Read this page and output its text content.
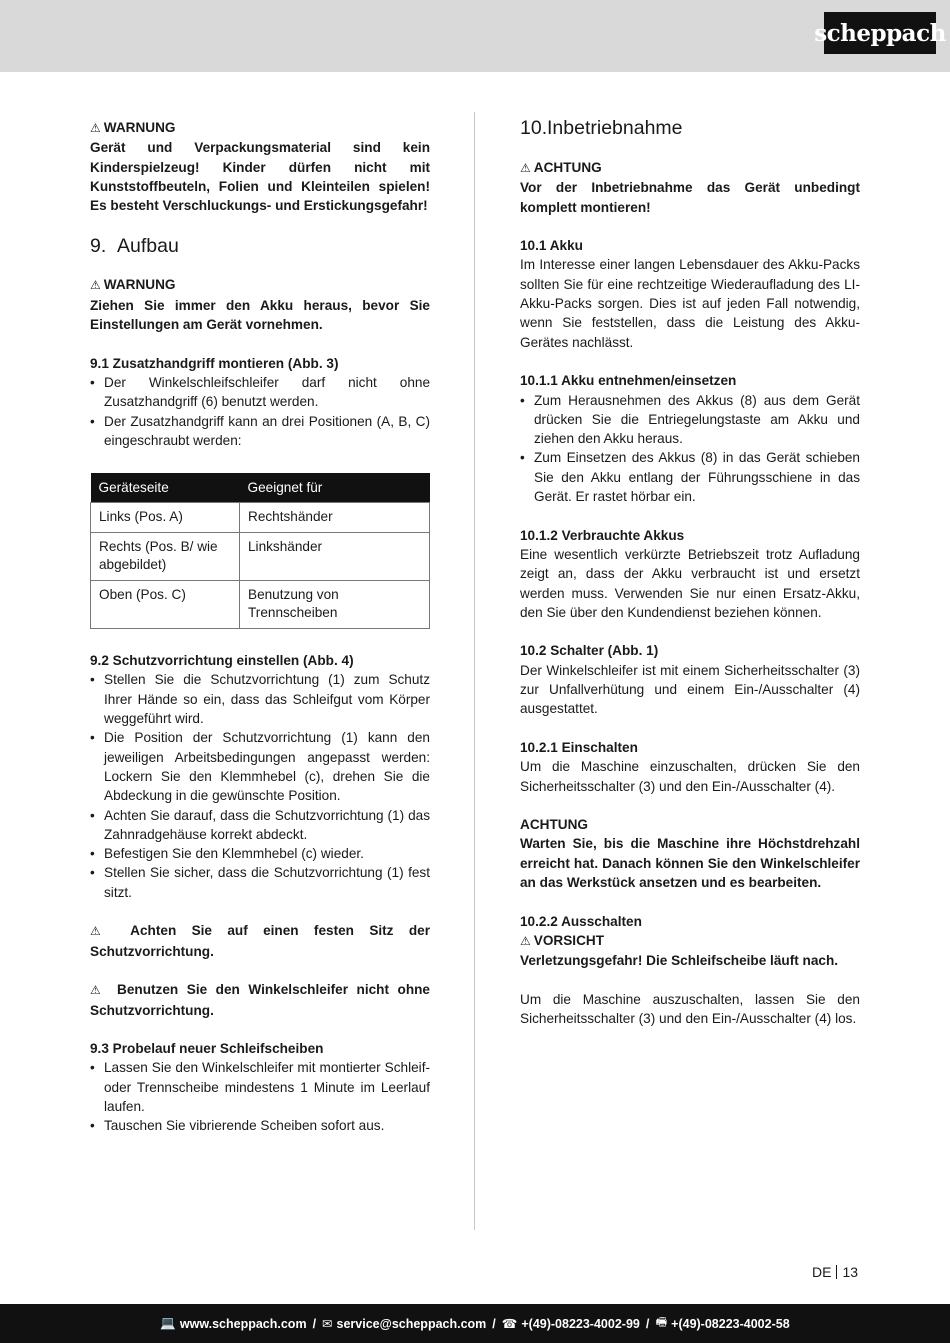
scheppach

⚠ WARNUNG

Gerät und Verpackungsmaterial sind kein Kinderspielzeug! Kinder dürfen nicht mit Kunststoffbeuteln, Folien und Kleinteilen spielen! Es besteht Verschluckungs- und Erstickungsgefahr!

9. Aufbau

⚠ WARNUNG

Ziehen Sie immer den Akku heraus, bevor Sie Einstellungen am Gerät vornehmen.

9.1 Zusatzhandgriff montieren (Abb. 3)

• Der Winkelschleifschleifer darf nicht ohne Zusatzhandgriff (6) benutzt werden.
• Der Zusatzhandgriff kann an drei Positionen (A, B, C) eingeschraubt werden:
Geräteseite	Geeignet für
Links (Pos. A)	Rechtshänder
Rechts (Pos. B/ wie abgebildet)	Linkshänder
Oben (Pos. C)	Benutzung von Trennscheiben

9.2 Schutzvorrichtung einstellen (Abb. 4)

• Stellen Sie die Schutzvorrichtung (1) zum Schutz Ihrer Hände so ein, dass das Schleifgut vom Körper weggeführt wird.
• Die Position der Schutzvorrichtung (1) kann den jeweiligen Arbeitsbedingungen angepasst werden: Lockern Sie den Klemmhebel (c), drehen Sie die Abdeckung in die gewünschte Position.
• Achten Sie darauf, dass die Schutzvorrichtung (1) das Zahnradgehäuse korrekt abdeckt.
• Befestigen Sie den Klemmhebel (c) wieder.
• Stellen Sie sicher, dass die Schutzvorrichtung (1) fest sitzt.

⚠ Achten Sie auf einen festen Sitz der Schutzvorrichtung.

⚠ Benutzen Sie den Winkelschleifer nicht ohne Schutzvorrichtung.

9.3 Probelauf neuer Schleifscheiben

• Lassen Sie den Winkelschleifer mit montierter Schleif- oder Trennscheibe mindestens 1 Minute im Leerlauf laufen.
• Tauschen Sie vibrierende Scheiben sofort aus.
10.Inbetriebnahme

⚠ ACHTUNG

Vor der Inbetriebnahme das Gerät unbedingt komplett montieren!

10.1 Akku

Im Interesse einer langen Lebensdauer des Akku-Packs sollten Sie für eine rechtzeitige Wiederaufladung des LI-Akku-Packs sorgen. Dies ist auf jeden Fall notwendig, wenn Sie feststellen, dass die Leistung des Akku-Gerätes nachlässt.

10.1.1 Akku entnehmen/einsetzen

• Zum Herausnehmen des Akkus (8) aus dem Gerät drücken Sie die Entriegelungstaste am Akku und ziehen den Akku heraus.
• Zum Einsetzen des Akkus (8) in das Gerät schieben Sie den Akku entlang der Führungsschiene in das Gerät. Er rastet hörbar ein.

10.1.2 Verbrauchte Akkus

Eine wesentlich verkürzte Betriebszeit trotz Aufladung zeigt an, dass der Akku verbraucht ist und ersetzt werden muss. Verwenden Sie nur einen Ersatz-Akku, den Sie über den Kundendienst beziehen können.

10.2 Schalter (Abb. 1)

Der Winkelschleifer ist mit einem Sicherheitsschalter (3) zur Unfallverhütung und einem Ein-/Ausschalter (4) ausgestattet.

10.2.1 Einschalten

Um die Maschine einzuschalten, drücken Sie den Sicherheitsschalter (3) und den Ein-/Ausschalter (4).

ACHTUNG

Warten Sie, bis die Maschine ihre Höchstdrehzahl erreicht hat. Danach können Sie den Winkelschleifer an das Werkstück ansetzen und es bearbeiten.

10.2.2 Ausschalten

⚠ VORSICHT

Verletzungsgefahr! Die Schleifscheibe läuft nach.

Um die Maschine auszuschalten, lassen Sie den Sicherheitsschalter (3) und den Ein-/Ausschalter (4) los.

DE 13
💻 www.scheppach.com / ✉ service@scheppach.com / ☎ +(49)-08223-4002-99 / 🖷 +(49)-08223-4002-58
